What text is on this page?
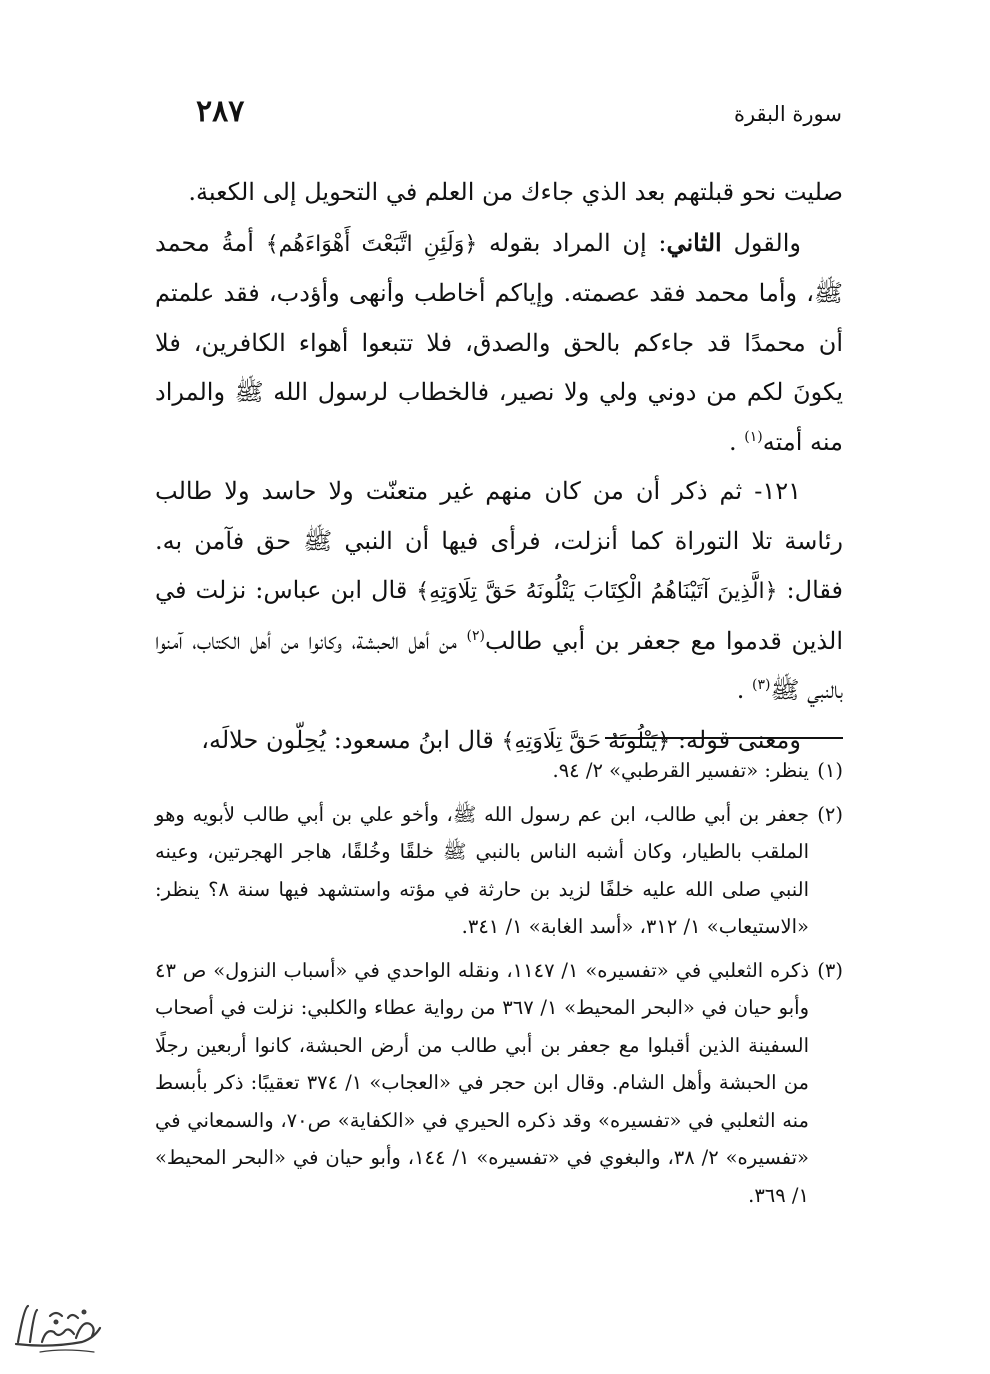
سورة البقرة
٢٨٧

صليت نحو قبلتهم بعد الذي جاءك من العلم في التحويل إلى الكعبة.

والقول الثاني: إن المراد بقوله ﴿وَلَئِنِ اتَّبَعْتَ أَهْوَاءَهُم﴾ أمةُ محمد ﷺ، وأما محمد فقد عصمته. وإياكم أخاطب وأنهى وأؤدب، فقد علمتم أن محمدًا قد جاءكم بالحق والصدق، فلا تتبعوا أهواء الكافرين، فلا يكونَ لكم من دوني ولي ولا نصير، فالخطاب لرسول الله ﷺ والمراد منه أمته$^{(١)}$ .

١٢١- ثم ذكر أن من كان منهم غير متعنّت ولا حاسد ولا طالب رئاسة تلا التوراة كما أنزلت، فرأى فيها أن النبي ﷺ حق فآمن به. فقال: ﴿الَّذِينَ آتَيْنَاهُمُ الْكِتَابَ يَتْلُونَهُ حَقَّ تِلَاوَتِهِ﴾ قال ابن عباس: نزلت في الذين قدموا مع جعفر بن أبي طالب$^{(٢)}$ من أهل الحبشة، وكانوا من أهل الكتاب، آمنوا بالنبي ﷺ$^{(٣)}$ .

ومعنى قوله: ﴿يَتْلُونَهُ حَقَّ تِلَاوَتِهِ﴾ قال ابنُ مسعود: يُحِلّون حلالَه،

(١)
ينظر: «تفسير القرطبي» ٢/ ٩٤.
(٢)
جعفر بن أبي طالب، ابن عم رسول الله ﷺ، وأخو علي بن أبي طالب لأبويه وهو الملقب بالطيار، وكان أشبه الناس بالنبي ﷺ خلقًا وخُلقًا، هاجر الهجرتين، وعينه النبي صلى الله عليه خلفًا لزيد بن حارثة في مؤته واستشهد فيها سنة ٨؟ ينظر: «الاستيعاب» ١/ ٣١٢، «أسد الغابة» ١/ ٣٤١.
(٣)
ذكره الثعلبي في «تفسيره» ١/ ١١٤٧، ونقله الواحدي في «أسباب النزول» ص ٤٣ وأبو حيان في «البحر المحيط» ١/ ٣٦٧ من رواية عطاء والكلبي: نزلت في أصحاب السفينة الذين أقبلوا مع جعفر بن أبي طالب من أرض الحبشة، كانوا أربعين رجلًا من الحبشة وأهل الشام. وقال ابن حجر في «العجاب» ١/ ٣٧٤ تعقيبًا: ذكر بأبسط منه الثعلبي في «تفسيره» وقد ذكره الحيري في «الكفاية» ص٧٠، والسمعاني في «تفسيره» ٢/ ٣٨، والبغوي في «تفسيره» ١/ ١٤٤، وأبو حيان في «البحر المحيط» ١/ ٣٦٩.
